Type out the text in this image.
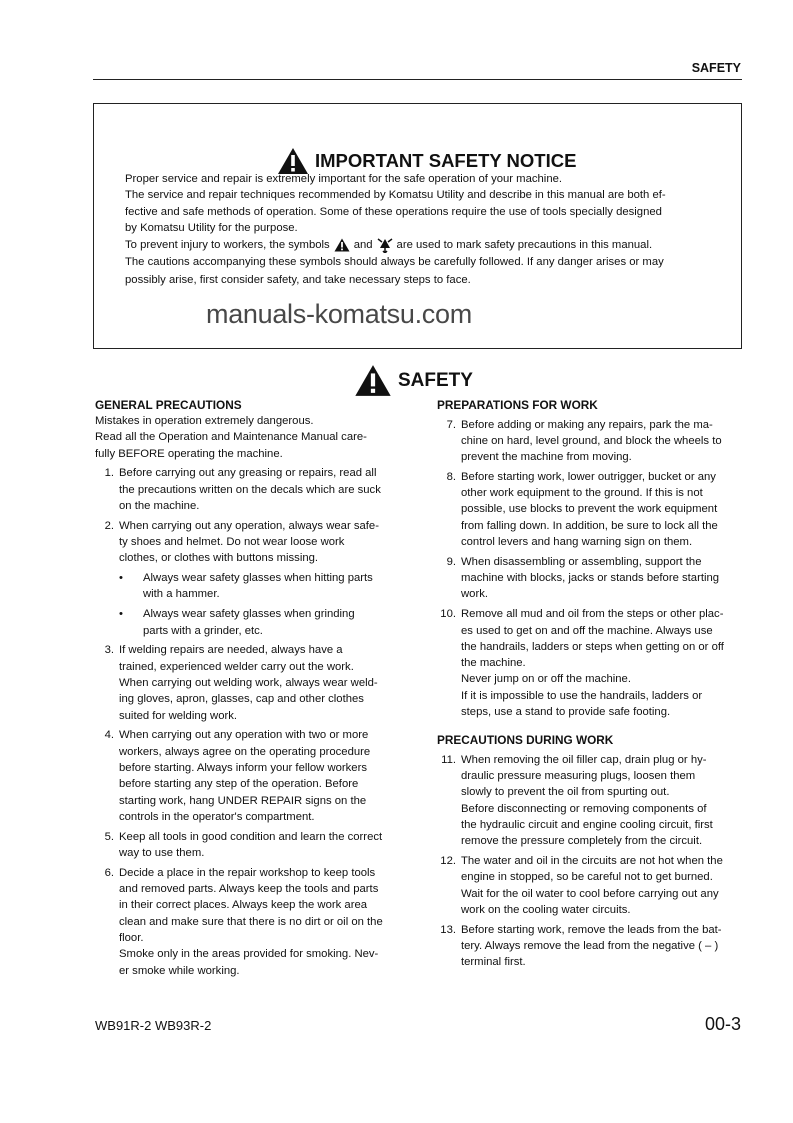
SAFETY
IMPORTANT SAFETY NOTICE
Proper service and repair is extremely important for the safe operation of your machine.
The service and repair techniques recommended by Komatsu Utility and describe in this manual are both ef-
fective and safe methods of operation. Some of these operations require the use of tools specially designed
by Komatsu Utility for the purpose.
To prevent injury to workers, the symbols and are used to mark safety precautions in this manual.
The cautions accompanying these symbols should always be carefully followed. If any danger arises or may
possibly arise, first consider safety, and take necessary steps to face.
manuals-komatsu.com
SAFETY
GENERAL PRECAUTIONS
Mistakes in operation extremely dangerous.
Read all the Operation and Maintenance Manual care-
fully BEFORE operating the machine.
1. Before carrying out any greasing or repairs, read all
the precautions written on the decals which are suck
on the machine.
2. When carrying out any operation, always wear safe-
ty shoes and helmet. Do not wear loose work
clothes, or clothes with buttons missing.
• Always wear safety glasses when hitting parts
with a hammer.
• Always wear safety glasses when grinding
parts with a grinder, etc.
3. If welding repairs are needed, always have a
trained, experienced welder carry out the work.
When carrying out welding work, always wear weld-
ing gloves, apron, glasses, cap and other clothes
suited for welding work.
4. When carrying out any operation with two or more
workers, always agree on the operating procedure
before starting. Always inform your fellow workers
before starting any step of the operation. Before
starting work, hang UNDER REPAIR signs on the
controls in the operator's compartment.
5. Keep all tools in good condition and learn the correct
way to use them.
6. Decide a place in the repair workshop to keep tools
and removed parts. Always keep the tools and parts
in their correct places. Always keep the work area
clean and make sure that there is no dirt or oil on the
floor.
Smoke only in the areas provided for smoking. Nev-
er smoke while working.
PREPARATIONS FOR WORK
7. Before adding or making any repairs, park the ma-
chine on hard, level ground, and block the wheels to
prevent the machine from moving.
8. Before starting work, lower outrigger, bucket or any
other work equipment to the ground. If this is not
possible, use blocks to prevent the work equipment
from falling down. In addition, be sure to lock all the
control levers and hang warning sign on them.
9. When disassembling or assembling, support the
machine with blocks, jacks or stands before starting
work.
10. Remove all mud and oil from the steps or other plac-
es used to get on and off the machine. Always use
the handrails, ladders or steps when getting on or off
the machine.
Never jump on or off the machine.
If it is impossible to use the handrails, ladders or
steps, use a stand to provide safe footing.
PRECAUTIONS DURING WORK
11. When removing the oil filler cap, drain plug or hy-
draulic pressure measuring plugs, loosen them
slowly to prevent the oil from spurting out.
Before disconnecting or removing components of
the hydraulic circuit and engine cooling circuit, first
remove the pressure completely from the circuit.
12. The water and oil in the circuits are not hot when the
engine in stopped, so be careful not to get burned.
Wait for the oil water to cool before carrying out any
work on the cooling water circuits.
13. Before starting work, remove the leads from the bat-
tery. Always remove the lead from the negative ( – )
terminal first.
WB91R-2 WB93R-2	00-3
